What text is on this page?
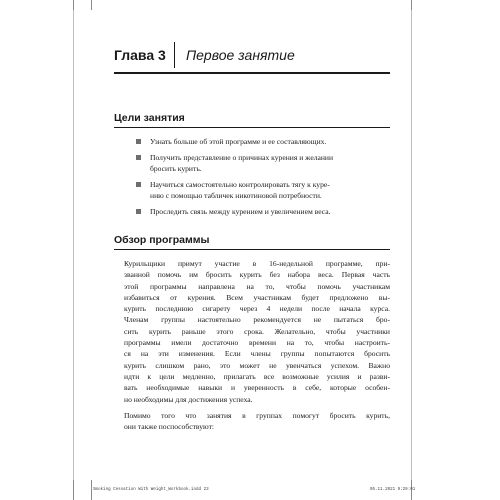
Глава 3	Первое занятие
Цели занятия
Узнать больше об этой программе и ее составляющих.
Получить представление о причинах курения и желании
бросить курить.
Научиться самостоятельно контролировать тягу к куре-
нию с помощью табличек никотиновой потребности.
Проследить связь между курением и увеличением веса.
Обзор программы
Курильщики примут участие в 16-недельной программе, при-
званной помочь им бросить курить без набора веса. Первая часть
этой программы направлена на то, чтобы помочь участникам
избавиться от курения. Всем участникам будет предложено вы-
курить последнюю сигарету через 4 недели после начала курса.
Членам группы настоятельно рекомендуется не пытаться бро-
сить курить раньше этого срока. Желательно, чтобы участники
программы имели достаточно времени на то, чтобы настроить-
ся на эти изменения. Если члены группы попытаются бросить
курить слишком рано, это может не увенчаться успехом. Важно
идти к цели медленно, прилагать все возможные усилия и разви-
вать необходимые навыки и уверенность в себе, которые особен-
но необходимы для достижения успеха.
Помимо того что занятия в группах помогут бросить курить,
они также поспособствуют:
Smoking Cessation With Weight_Workbook.indd 23	05.11.2021 9:29:01
